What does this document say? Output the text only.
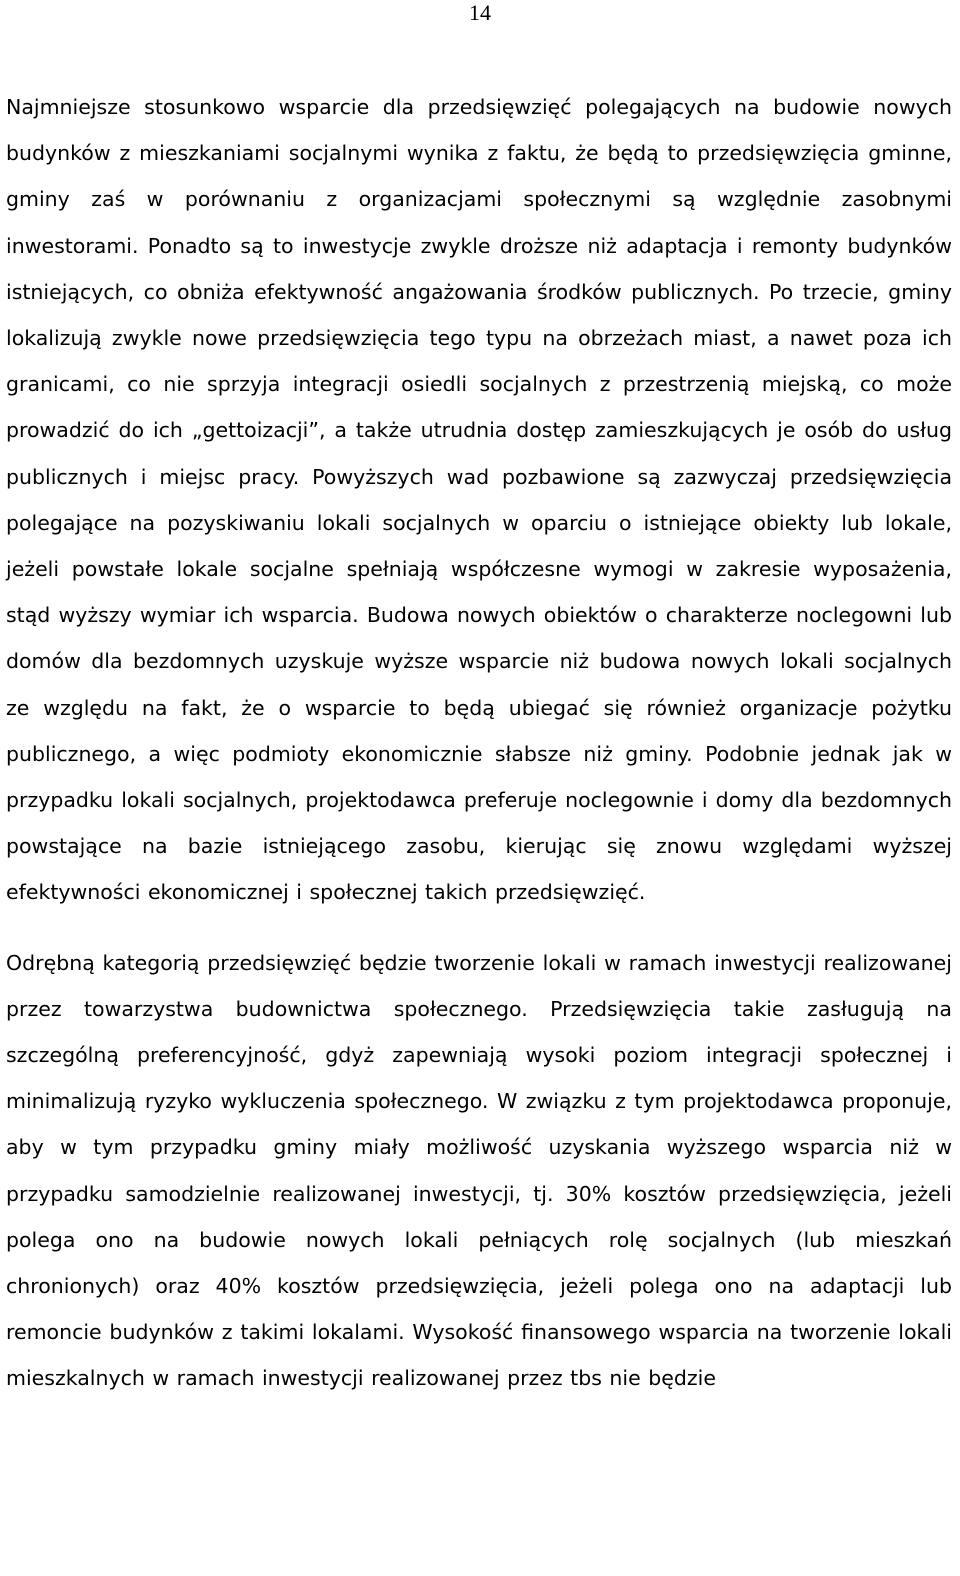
14

Najmniejsze stosunkowo wsparcie dla przedsięwzięć polegających na budowie nowych budynków z mieszkaniami socjalnymi wynika z faktu, że będą to przedsięwzięcia gminne, gminy zaś w porównaniu z organizacjami społecznymi są względnie zasobnymi inwestorami. Ponadto są to inwestycje zwykle droższe niż adaptacja i remonty budynków istniejących, co obniża efektywność angażowania środków publicznych. Po trzecie, gminy lokalizują zwykle nowe przedsięwzięcia tego typu na obrzeżach miast, a nawet poza ich granicami, co nie sprzyja integracji osiedli socjalnych z przestrzenią miejską, co może prowadzić do ich „gettoizacji”, a także utrudnia dostęp zamieszkujących je osób do usług publicznych i miejsc pracy. Powyższych wad pozbawione są zazwyczaj przedsięwzięcia polegające na pozyskiwaniu lokali socjalnych w oparciu o istniejące obiekty lub lokale, jeżeli powstałe lokale socjalne spełniają współczesne wymogi w zakresie wyposażenia, stąd wyższy wymiar ich wsparcia. Budowa nowych obiektów o charakterze noclegowni lub domów dla bezdomnych uzyskuje wyższe wsparcie niż budowa nowych lokali socjalnych ze względu na fakt, że o wsparcie to będą ubiegać się również organizacje pożytku publicznego, a więc podmioty ekonomicznie słabsze niż gminy. Podobnie jednak jak w przypadku lokali socjalnych, projektodawca preferuje noclegownie i domy dla bezdomnych powstające na bazie istniejącego zasobu, kierując się znowu względami wyższej efektywności ekonomicznej i społecznej takich przedsięwzięć.

Odrębną kategorią przedsięwzięć będzie tworzenie lokali w ramach inwestycji realizowanej przez towarzystwa budownictwa społecznego. Przedsięwzięcia takie zasługują na szczególną preferencyjność, gdyż zapewniają wysoki poziom integracji społecznej i minimalizują ryzyko wykluczenia społecznego. W związku z tym projektodawca proponuje, aby w tym przypadku gminy miały możliwość uzyskania wyższego wsparcia niż w przypadku samodzielnie realizowanej inwestycji, tj. 30% kosztów przedsięwzięcia, jeżeli polega ono na budowie nowych lokali pełniących rolę socjalnych (lub mieszkań chronionych) oraz 40% kosztów przedsięwzięcia, jeżeli polega ono na adaptacji lub remoncie budynków z takimi lokalami. Wysokość finansowego wsparcia na tworzenie lokali mieszkalnych w ramach inwestycji realizowanej przez tbs nie będzie
